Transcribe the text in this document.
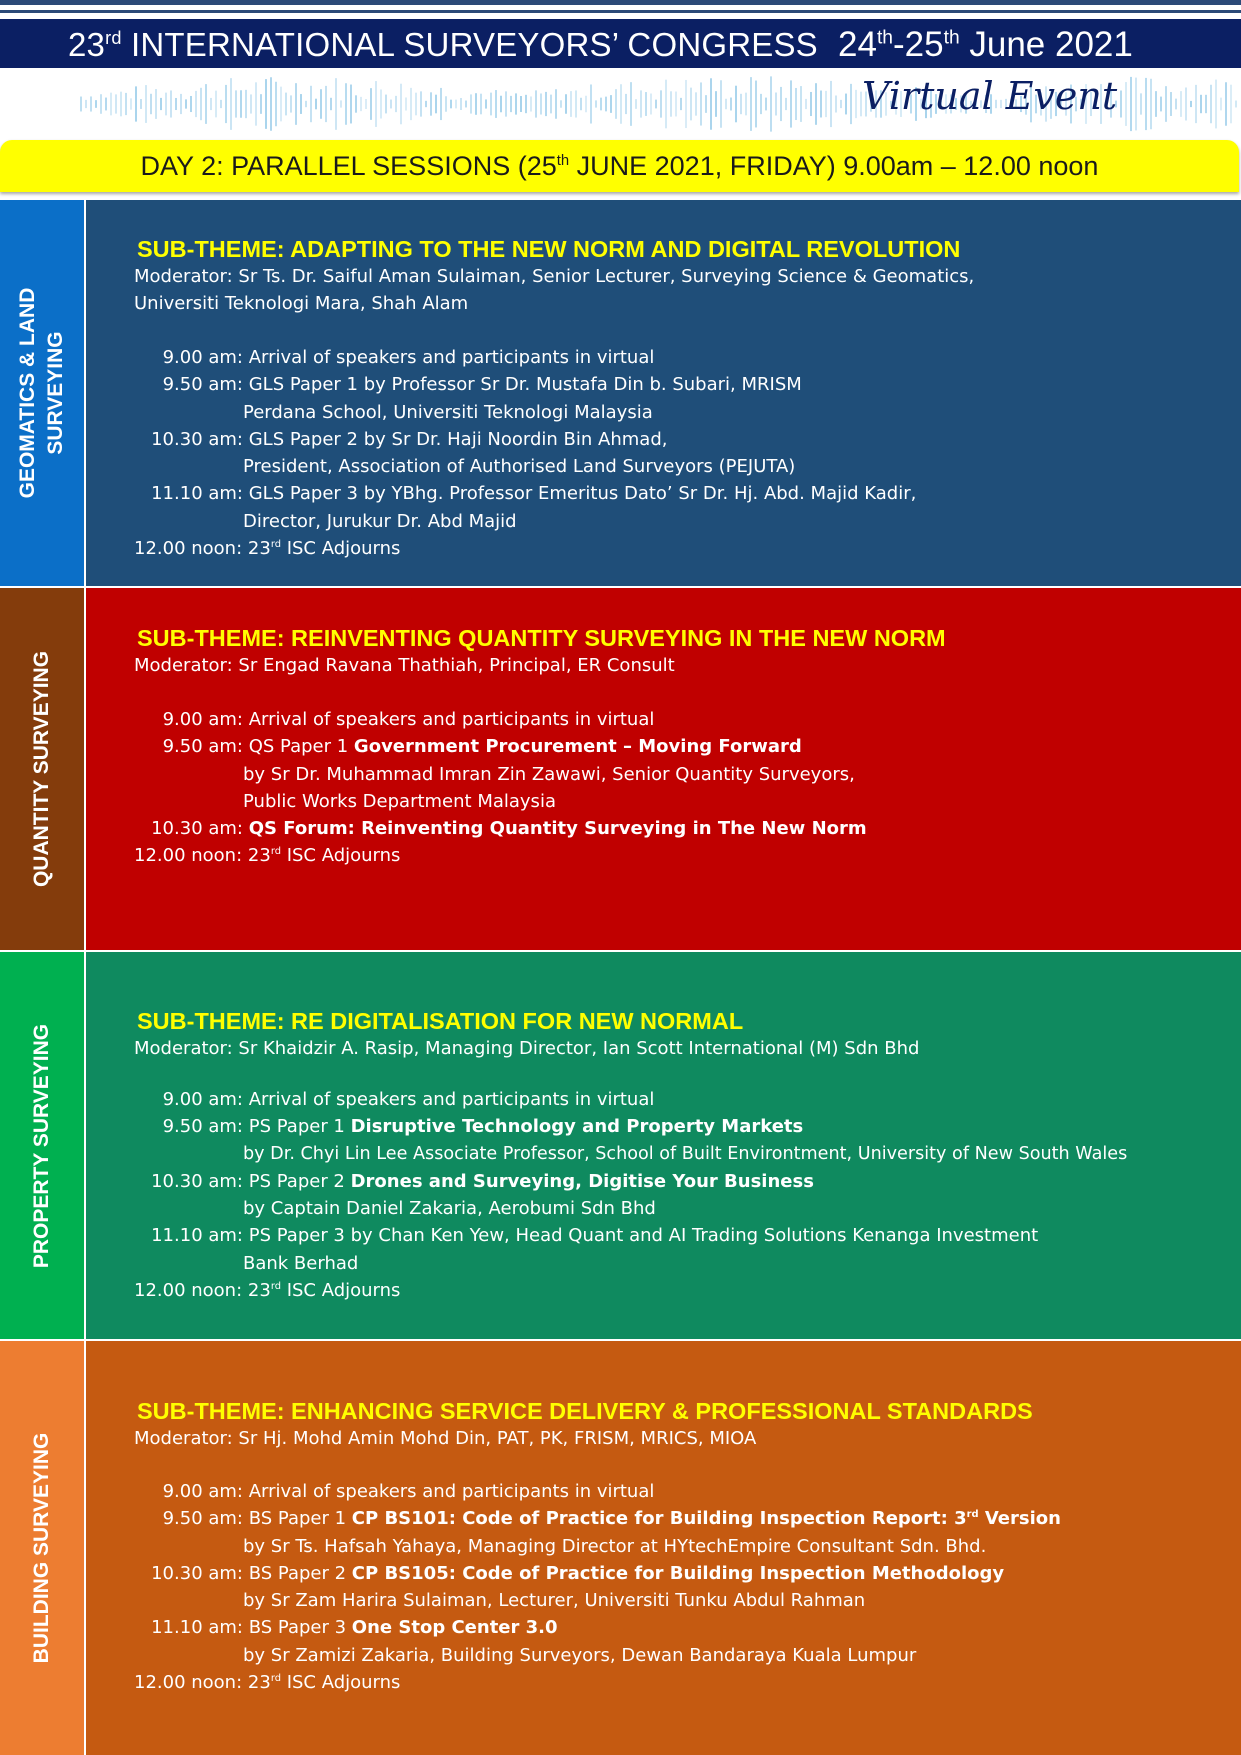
23rd INTERNATIONAL SURVEYORS’ CONGRESS 24th-25th June 2021
Virtual Event
DAY 2: PARALLEL SESSIONS (25th JUNE 2021, FRIDAY) 9.00am – 12.00 noon
GEOMATICS & LAND SURVEYING
SUB-THEME: ADAPTING TO THE NEW NORM AND DIGITAL REVOLUTION
Moderator: Sr Ts. Dr. Saiful Aman Sulaiman, Senior Lecturer, Surveying Science & Geomatics,
Universiti Teknologi Mara, Shah Alam
9.00 am: Arrival of speakers and participants in virtual
9.50 am: GLS Paper 1 by Professor Sr Dr. Mustafa Din b. Subari, MRISM
Perdana School, Universiti Teknologi Malaysia
10.30 am: GLS Paper 2 by Sr Dr. Haji Noordin Bin Ahmad,
President, Association of Authorised Land Surveyors (PEJUTA)
11.10 am: GLS Paper 3 by YBhg. Professor Emeritus Dato’ Sr Dr. Hj. Abd. Majid Kadir,
Director, Jurukur Dr. Abd Majid
12.00 noon: 23rd ISC Adjourns
QUANTITY SURVEYING
SUB-THEME: REINVENTING QUANTITY SURVEYING IN THE NEW NORM
Moderator: Sr Engad Ravana Thathiah, Principal, ER Consult
9.00 am: Arrival of speakers and participants in virtual
9.50 am: QS Paper 1 Government Procurement – Moving Forward
by Sr Dr. Muhammad Imran Zin Zawawi, Senior Quantity Surveyors,
Public Works Department Malaysia
10.30 am: QS Forum: Reinventing Quantity Surveying in The New Norm
12.00 noon: 23rd ISC Adjourns
PROPERTY SURVEYING
SUB-THEME: RE DIGITALISATION FOR NEW NORMAL
Moderator: Sr Khaidzir A. Rasip, Managing Director, Ian Scott International (M) Sdn Bhd
9.00 am: Arrival of speakers and participants in virtual
9.50 am: PS Paper 1 Disruptive Technology and Property Markets
by Dr. Chyi Lin Lee Associate Professor, School of Built Environtment, University of New South Wales
10.30 am: PS Paper 2 Drones and Surveying, Digitise Your Business
by Captain Daniel Zakaria, Aerobumi Sdn Bhd
11.10 am: PS Paper 3 by Chan Ken Yew, Head Quant and AI Trading Solutions Kenanga Investment
Bank Berhad
12.00 noon: 23rd ISC Adjourns
BUILDING SURVEYING
SUB-THEME: ENHANCING SERVICE DELIVERY & PROFESSIONAL STANDARDS
Moderator: Sr Hj. Mohd Amin Mohd Din, PAT, PK, FRISM, MRICS, MIOA
9.00 am: Arrival of speakers and participants in virtual
9.50 am: BS Paper 1 CP BS101: Code of Practice for Building Inspection Report: 3rd Version
by Sr Ts. Hafsah Yahaya, Managing Director at HYtechEmpire Consultant Sdn. Bhd.
10.30 am: BS Paper 2 CP BS105: Code of Practice for Building Inspection Methodology
by Sr Zam Harira Sulaiman, Lecturer, Universiti Tunku Abdul Rahman
11.10 am: BS Paper 3 One Stop Center 3.0
by Sr Zamizi Zakaria, Building Surveyors, Dewan Bandaraya Kuala Lumpur
12.00 noon: 23rd ISC Adjourns
